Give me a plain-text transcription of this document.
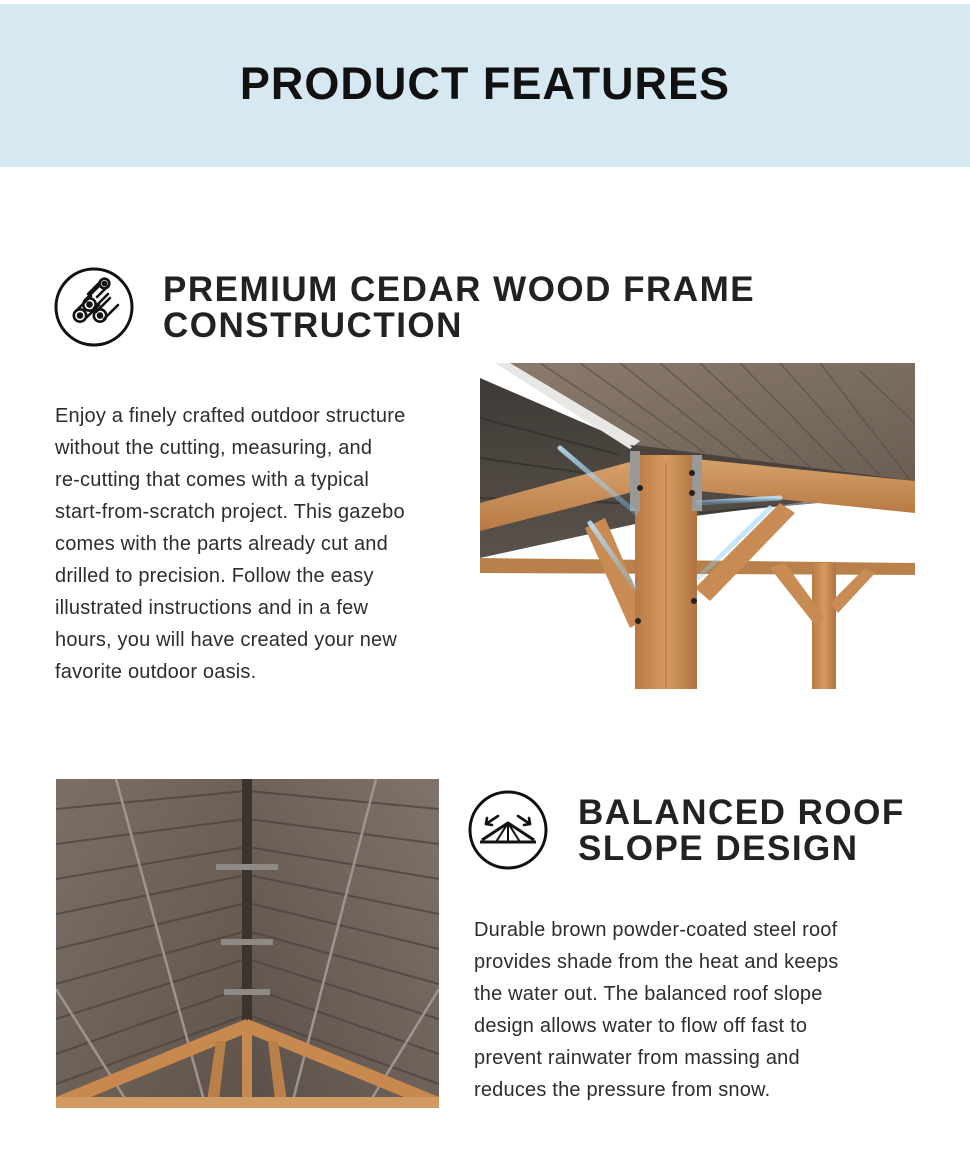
PRODUCT FEATURES
PREMIUM CEDAR WOOD FRAME
CONSTRUCTION
Enjoy a finely crafted outdoor structure
without the cutting, measuring, and
re-cutting that comes with a typical
start-from-scratch project. This gazebo
comes with the parts already cut and
drilled to precision. Follow the easy
illustrated instructions and in a few
hours, you will have created your new
favorite outdoor oasis.
BALANCED ROOF
SLOPE DESIGN
Durable brown powder-coated steel roof
provides shade from the heat and keeps
the water out. The balanced roof slope
design allows water to flow off fast to
prevent rainwater from massing and
reduces the pressure from snow.
